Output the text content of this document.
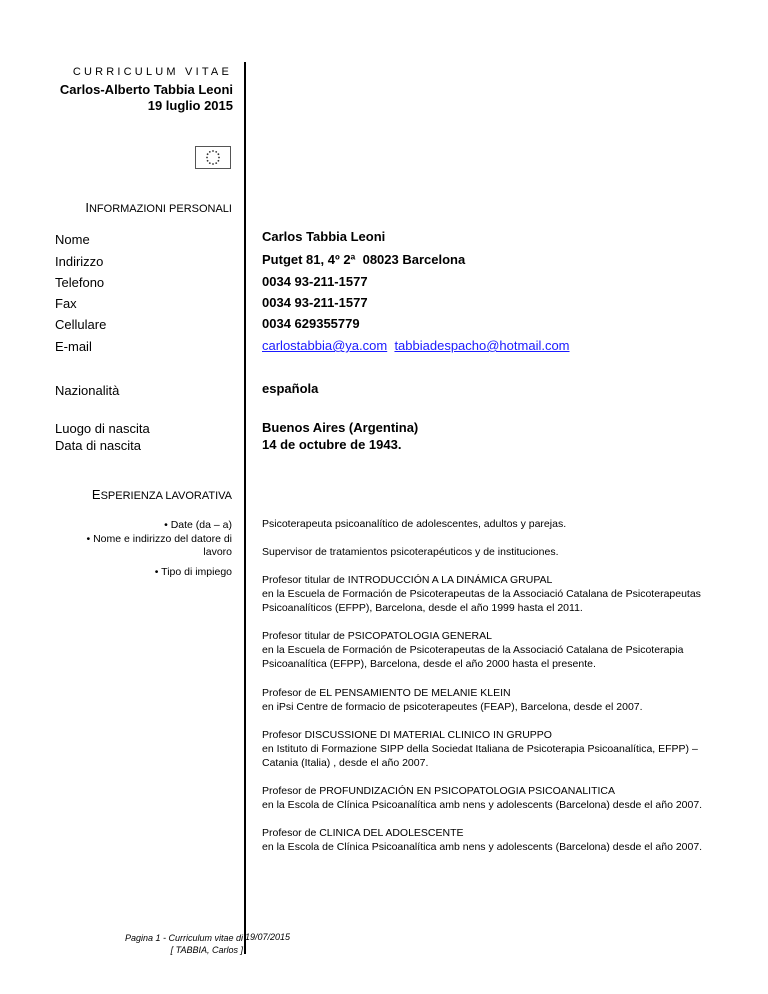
CURRICULUM VITAE
Carlos-Alberto Tabbia Leoni
19 luglio 2015
INFORMAZIONI PERSONALI
Nome	Carlos Tabbia Leoni
Indirizzo	Putget 81, 4º 2ª  08023 Barcelona
Telefono	0034 93-211-1577
Fax	0034 93-211-1577
Cellulare	0034 629355779
E-mail	carlostabbia@ya.com tabbiadespacho@hotmail.com
Nazionalità	española
Luogo di nascita	Buenos Aires (Argentina)
Data di nascita	14 de octubre de 1943.
ESPERIENZA LAVORATIVA
• Date (da – a)
• Nome e indirizzo del datore di lavoro
• Tipo di impiego
Psicoterapeuta psicoanalítico de adolescentes, adultos y parejas.
Supervisor de tratamientos psicoterapéuticos y de instituciones.
Profesor titular de INTRODUCCIÓN A LA DINÁMICA GRUPAL
en la Escuela de Formación de Psicoterapeutas de la Associació Catalana de Psicoterapeutas Psicoanalíticos (EFPP), Barcelona, desde el año 1999 hasta el 2011.
Profesor titular de PSICOPATOLOGIA GENERAL
en la Escuela de Formación de Psicoterapeutas de la Associació Catalana de Psicoterapia Psicoanalítica (EFPP), Barcelona, desde el año 2000 hasta el presente.
Profesor de EL PENSAMIENTO DE MELANIE KLEIN
en iPsi Centre de formacio de psicoterapeutes (FEAP), Barcelona, desde el 2007.
Profesor DISCUSSIONE DI MATERIAL CLINICO IN GRUPPO
en Istituto di Formazione SIPP della Sociedat Italiana de Psicoterapia Psicoanalítica, EFPP) – Catania (Italia) , desde el año 2007.
Profesor de PROFUNDIZACIÓN EN PSICOPATOLOGIA PSICOANALITICA
en la Escola de Clínica Psicoanalítica amb nens y adolescents (Barcelona) desde el año 2007.
Profesor de CLINICA DEL ADOLESCENTE
en la Escola de Clínica Psicoanalítica amb nens y adolescents (Barcelona) desde el año 2007.
Pagina 1 - Curriculum vitae di
[ TABBIA, Carlos ]
19/07/2015
